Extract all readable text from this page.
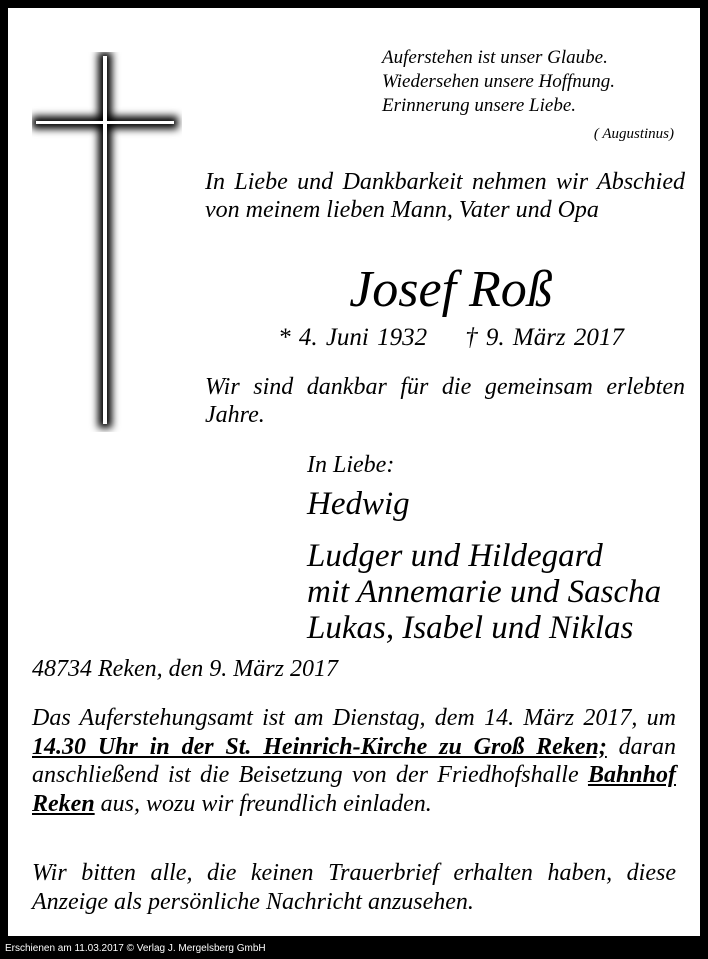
Auferstehen ist unser Glaube.
Wiedersehen unsere Hoffnung.
Erinnerung unsere Liebe.
( Augustinus)
In Liebe und Dankbarkeit nehmen wir Abschied von meinem lieben Mann, Vater und Opa
Josef Roß
* 4. Juni 1932 † 9. März 2017
Wir sind dankbar für die gemeinsam erlebten Jahre.
In Liebe:
Hedwig
Ludger und Hildegard
mit Annemarie und Sascha
Lukas, Isabel und Niklas
48734 Reken, den 9. März 2017
Das Auferstehungsamt ist am Dienstag, dem 14. März 2017, um 14.30 Uhr in der St. Heinrich-Kirche zu Groß Reken; daran anschließend ist die Beisetzung von der Friedhofshalle Bahnhof Reken aus, wozu wir freundlich einladen.
Wir bitten alle, die keinen Trauerbrief erhalten haben, diese Anzeige als persönliche Nachricht anzusehen.
Erschienen am 11.03.2017 © Verlag J. Mergelsberg GmbH
